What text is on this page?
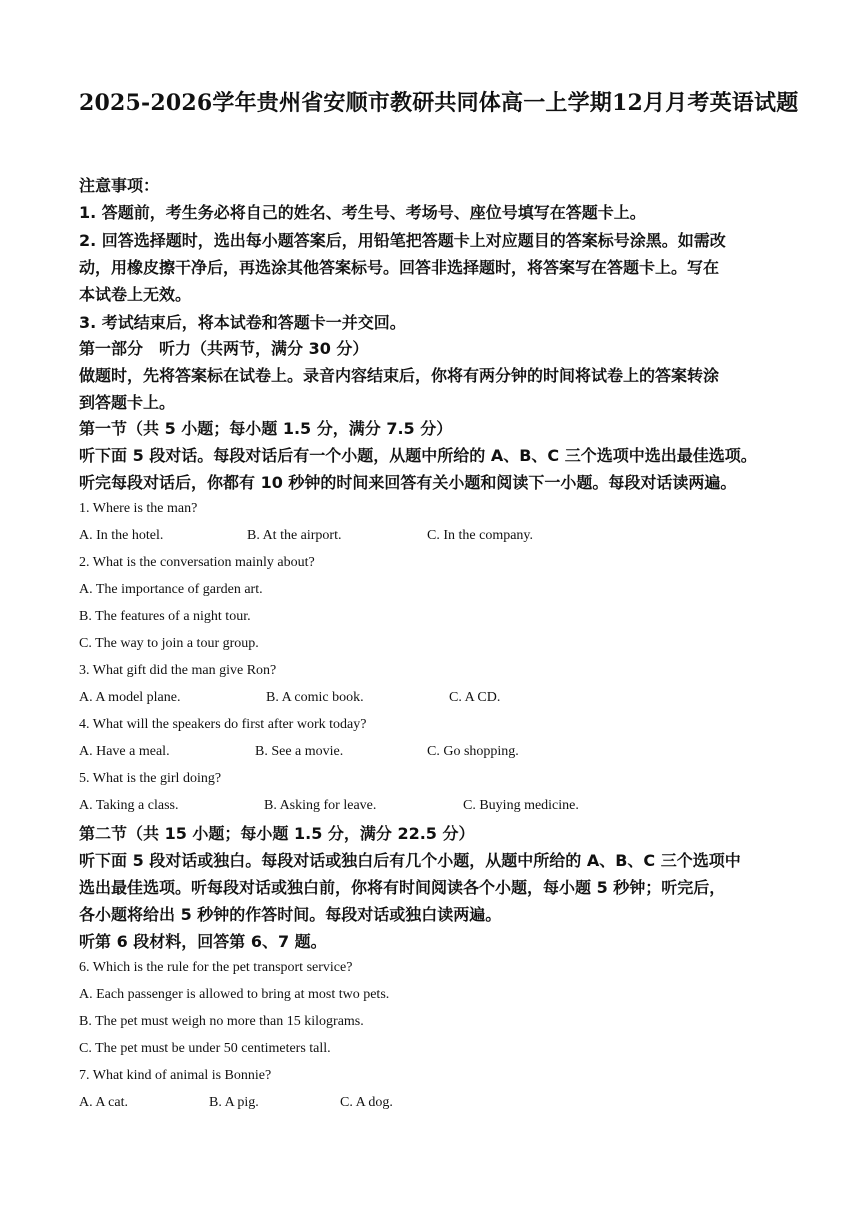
2025-2026学年贵州省安顺市教研共同体高一上学期12月月考英语试题
注意事项：
1. 答题前，考生务必将自己的姓名、考生号、考场号、座位号填写在答题卡上。
2. 回答选择题时，选出每小题答案后，用铅笔把答题卡上对应题目的答案标号涂黑。如需改
动，用橡皮擦干净后，再选涂其他答案标号。回答非选择题时，将答案写在答题卡上。写在
本试卷上无效。
3. 考试结束后，将本试卷和答题卡一并交回。
第一部分　听力（共两节，满分 30 分）
做题时，先将答案标在试卷上。录音内容结束后，你将有两分钟的时间将试卷上的答案转涂
到答题卡上。
第一节（共 5 小题；每小题 1.5 分，满分 7.5 分）
听下面 5 段对话。每段对话后有一个小题，从题中所给的 A、B、C 三个选项中选出最佳选项。
听完每段对话后，你都有 10 秒钟的时间来回答有关小题和阅读下一小题。每段对话读两遍。
1. Where is the man?
A. In the hotel.	B. At the airport.	C. In the company.
2. What is the conversation mainly about?
A. The importance of garden art.
B. The features of a night tour.
C. The way to join a tour group.
3. What gift did the man give Ron?
A. A model plane.	B. A comic book.	C. A CD.
4. What will the speakers do first after work today?
A. Have a meal.	B. See a movie.	C. Go shopping.
5. What is the girl doing?
A. Taking a class.	B. Asking for leave.	C. Buying medicine.
第二节（共 15 小题；每小题 1.5 分，满分 22.5 分）
听下面 5 段对话或独白。每段对话或独白后有几个小题，从题中所给的 A、B、C 三个选项中
选出最佳选项。听每段对话或独白前，你将有时间阅读各个小题，每小题 5 秒钟；听完后，
各小题将给出 5 秒钟的作答时间。每段对话或独白读两遍。
听第 6 段材料，回答第 6、7 题。
6. Which is the rule for the pet transport service?
A. Each passenger is allowed to bring at most two pets.
B. The pet must weigh no more than 15 kilograms.
C. The pet must be under 50 centimeters tall.
7. What kind of animal is Bonnie?
A. A cat.	B. A pig.	C. A dog.
